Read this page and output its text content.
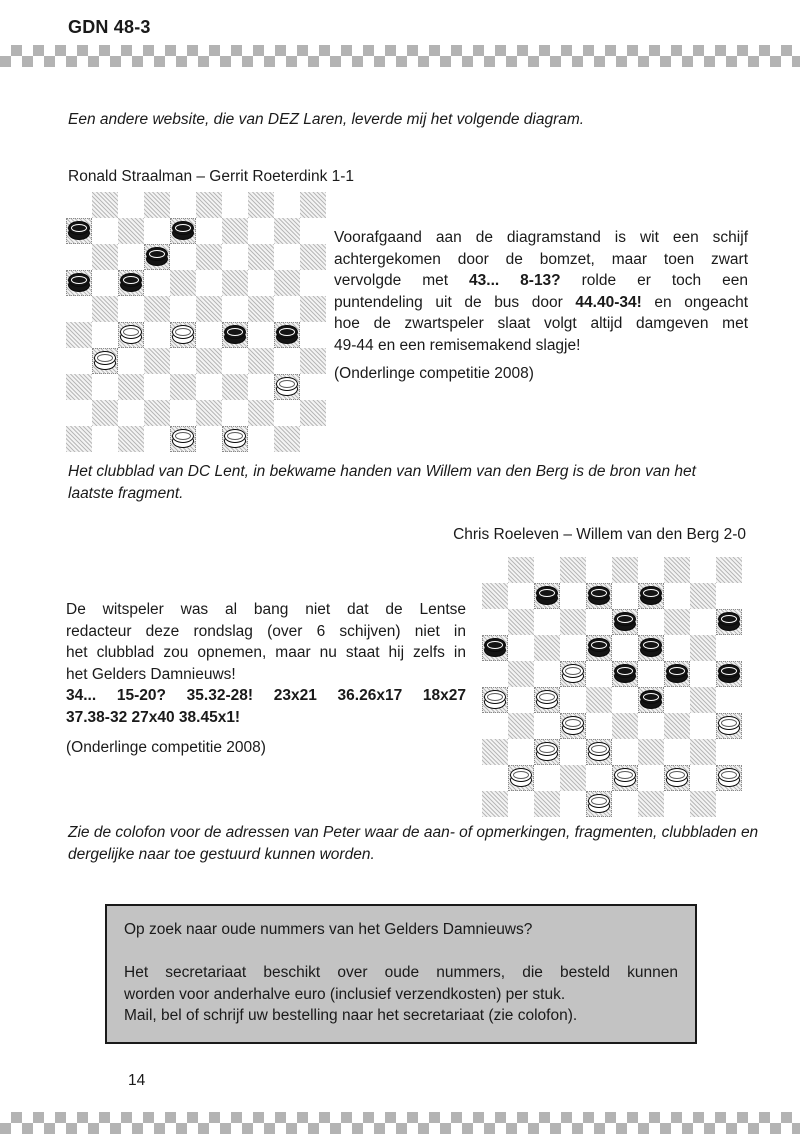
GDN 48-3
Een andere website, die van DEZ Laren, leverde mij het volgende diagram.
Ronald Straalman – Gerrit Roeterdink 1-1
Voorafgaand aan de diagramstand is wit een schijf
achtergekomen door de bomzet, maar toen zwart
vervolgde met 43... 8-13? rolde er toch een
puntendeling uit de bus door 44.40-34! en ongeacht
hoe de zwartspeler slaat volgt altijd damgeven met
49-44 en een remisemakend slagje!
(Onderlinge competitie 2008)
Het clubblad van DC Lent, in bekwame handen van Willem van den Berg is de bron van het laatste fragment.
Chris Roeleven – Willem van den Berg 2-0
De witspeler was al bang niet dat de Lentse
redacteur deze rondslag (over 6 schijven) niet in
het clubblad zou opnemen, maar nu staat hij zelfs in
het Gelders Damnieuws!
34... 15-20? 35.32-28! 23x21 36.26x17 18x27
37.38-32 27x40 38.45x1!
(Onderlinge competitie 2008)
Zie de colofon voor de adressen van Peter waar de aan- of opmerkingen, fragmenten, clubbladen en dergelijke naar toe gestuurd kunnen worden.
Op zoek naar oude nummers van het Gelders Damnieuws?
Het secretariaat beschikt over oude nummers, die besteld kunnen
worden voor anderhalve euro (inclusief verzendkosten) per stuk.
Mail, bel of schrijf uw bestelling naar het secretariaat (zie colofon).
14
